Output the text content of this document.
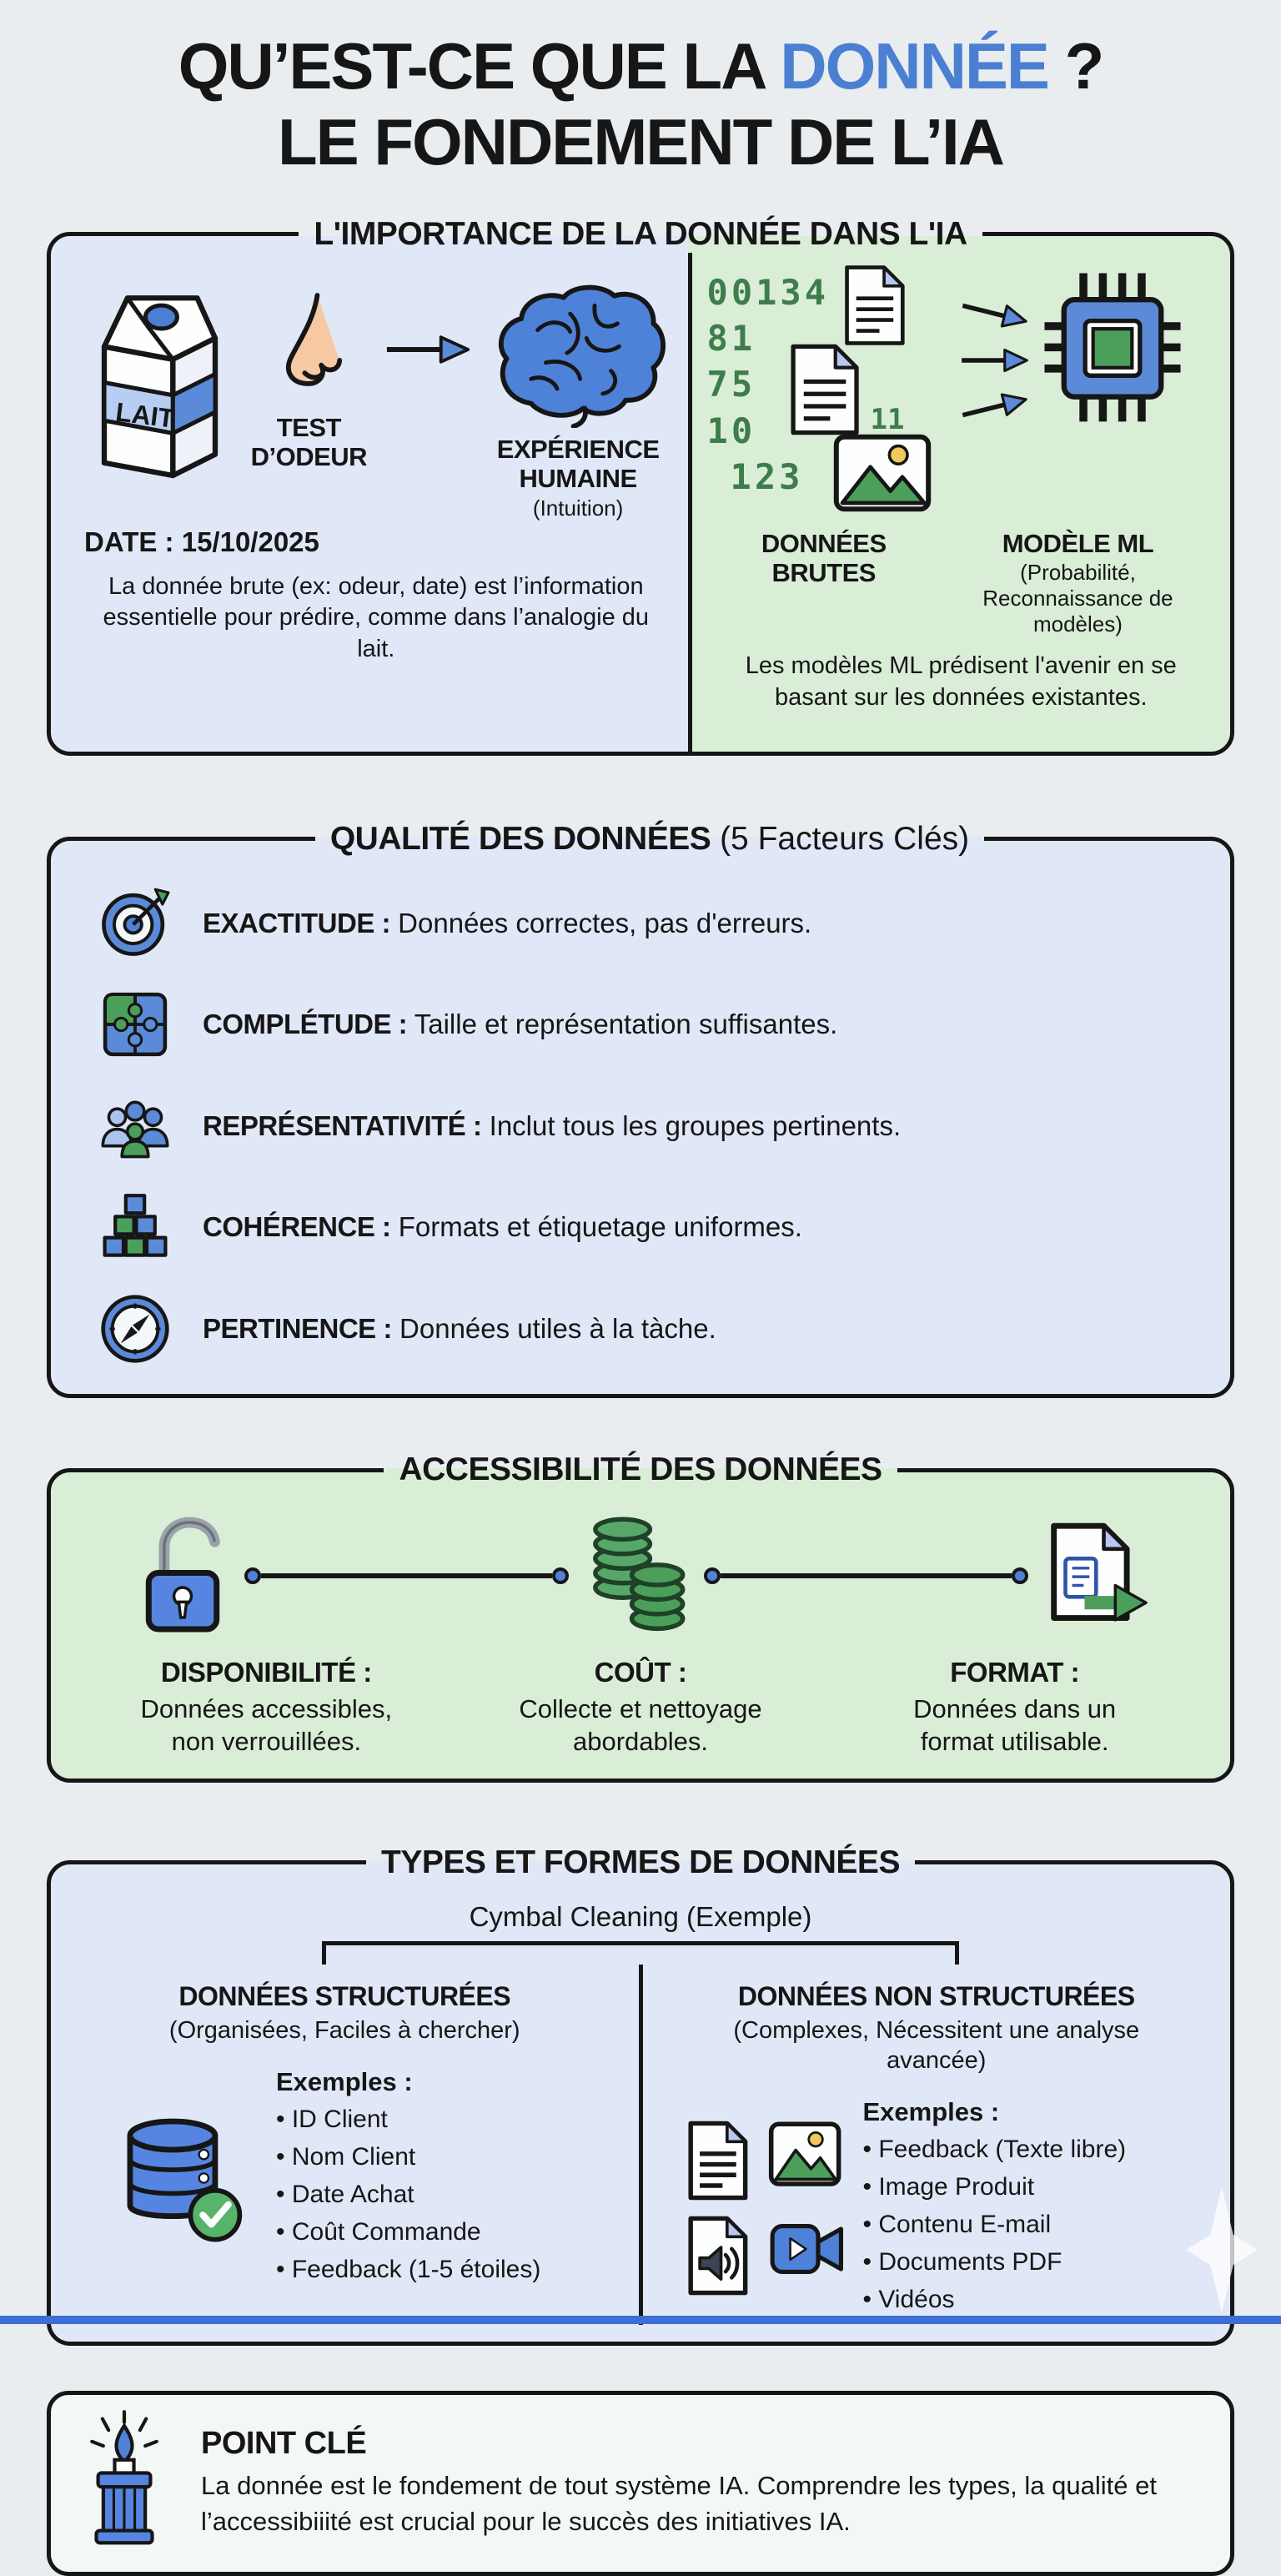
QU’EST-CE QUE LA DONNÉE ?
LE FONDEMENT DE L’IA
L'IMPORTANCE DE LA DONNÉE DANS L'IA
LAIT	TEST D’ODEUR	EXPÉRIENCE HUMAINE
(Intuition)
DATE : 15/10/2025

La donnée brute (ex: odeur, date) est l’information essentielle pour prédire, comme dans l’analogie du lait.

00134
81
75
10
123
11
DONNÉES BRUTES
MODÈLE ML
(Probabilité,
Reconnaissance de modèles)

Les modèles ML prédisent l'avenir en se basant sur les données existantes.

QUALITÉ DES DONNÉES (5 Facteurs Clés)

EXACTITUDE : Données correctes, pas d'erreurs.

COMPLÉTUDE : Taille et représentation suffisantes.

REPRÉSENTATIVITÉ : Inclut tous les groupes pertinents.

COHÉRENCE : Formats et étiquetage uniformes.

PERTINENCE : Données utiles à la tàche.

ACCESSIBILITÉ DES DONNÉES
DISPONIBILITÉ :

Données accessibles, non verrouillées.

COÛT :

Collecte et nettoyage abordables.

FORMAT :

Données dans un format utilisable.

TYPES ET FORMES DE DONNÉES
Cymbal Cleaning (Exemple)
DONNÉES STRUCTURÉES
(Organisées, Faciles à chercher)
Exemples :
• ID Client
• Nom Client
• Date Achat
• Coût Commande
• Feedback (1-5 étoiles)
DONNÉES NON STRUCTURÉES
(Complexes, Nécessitent une analyse avancée)
Exemples :
• Feedback (Texte libre)
• Image Produit
• Contenu E-mail
• Documents PDF
• Vidéos
POINT CLÉ

La donnée est le fondement de tout système IA. Comprendre les types, la qualité et l’accessibiiité est crucial pour le succès des initiatives IA.
